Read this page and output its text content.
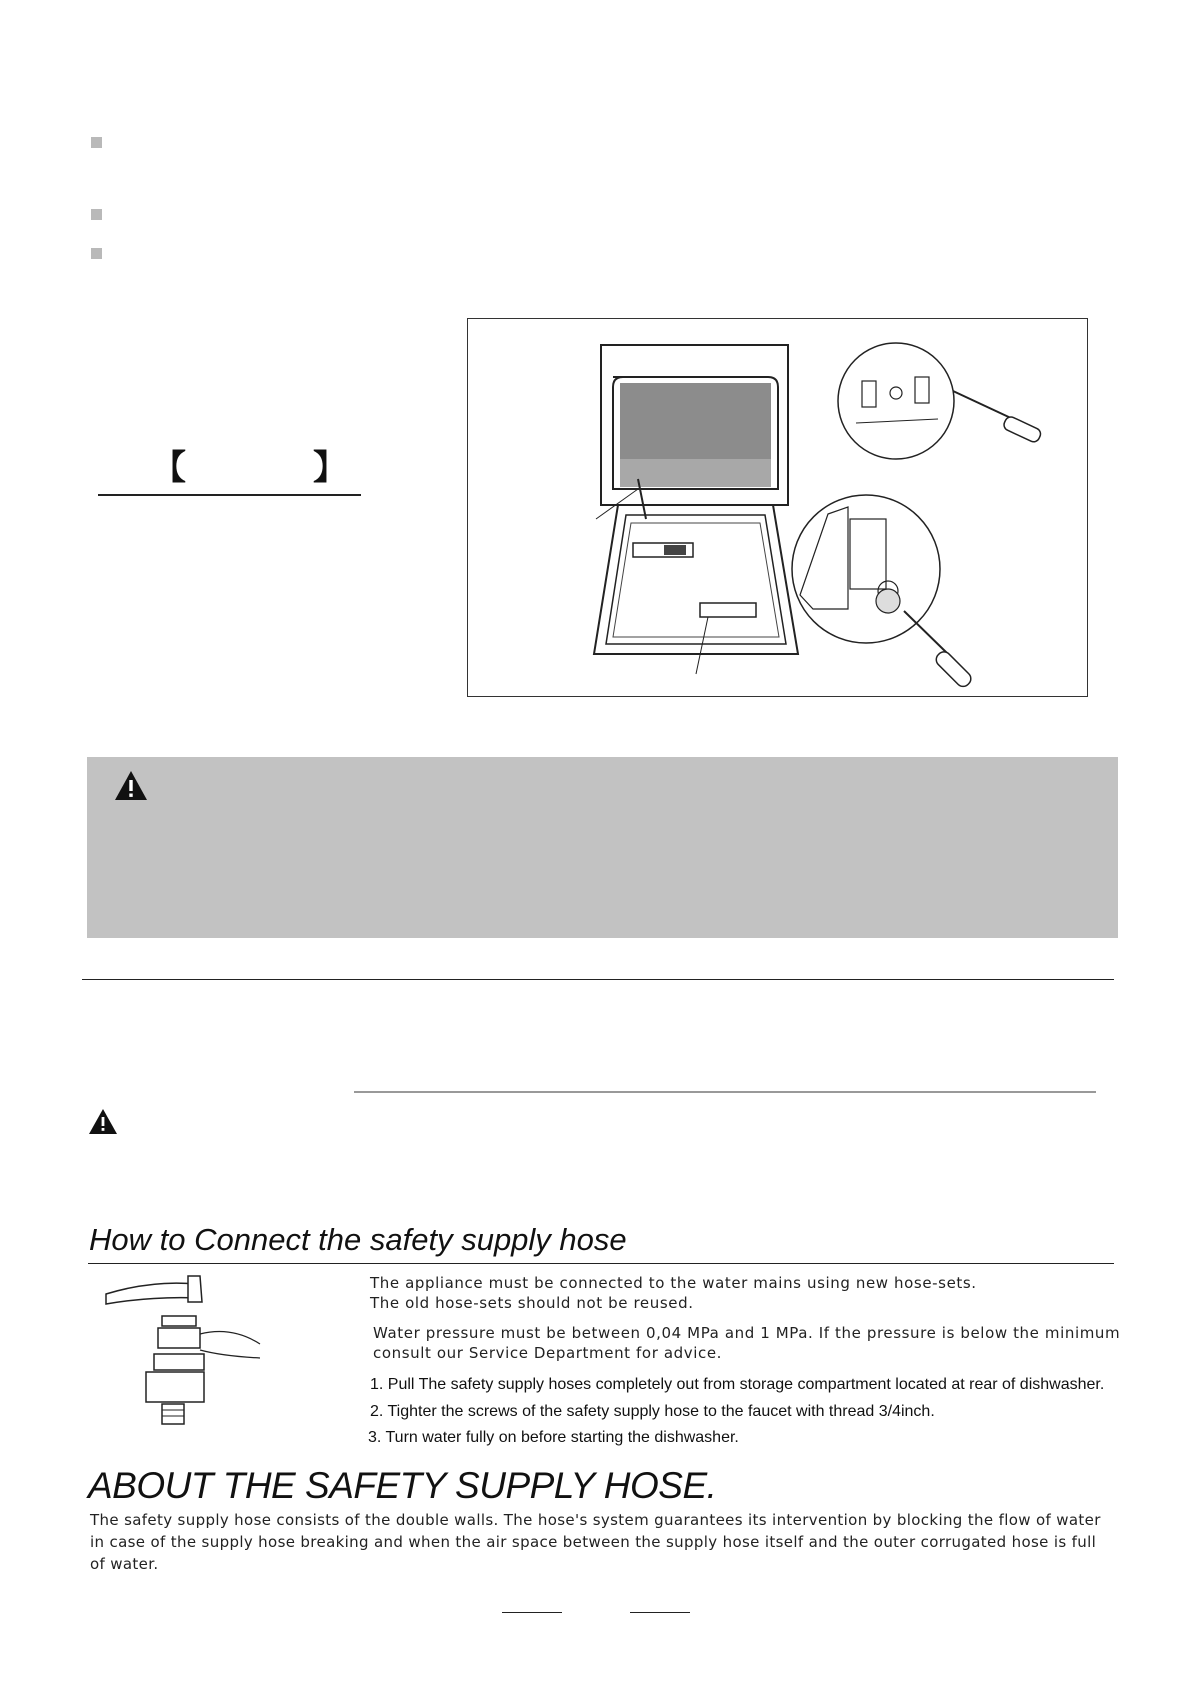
【	】
How to Connect the safety supply hose
The appliance must be connected to the water mains using new hose-sets.
The old hose-sets should not be reused.
Water pressure must be between 0,04 MPa and 1 MPa. If the pressure is below the minimum
consult our Service Department for advice.
1. Pull The safety supply hoses completely out from storage compartment located at rear of dishwasher.
2. Tighter the screws of the safety supply hose to the faucet with thread 3/4inch.
3. Turn water fully on before starting the dishwasher.
ABOUT THE SAFETY SUPPLY HOSE.
The safety supply hose consists of the double walls. The hose's system guarantees its intervention by blocking the flow of water
in case of the supply hose breaking and when the air space between the supply hose itself and the outer corrugated hose is full
of water.
